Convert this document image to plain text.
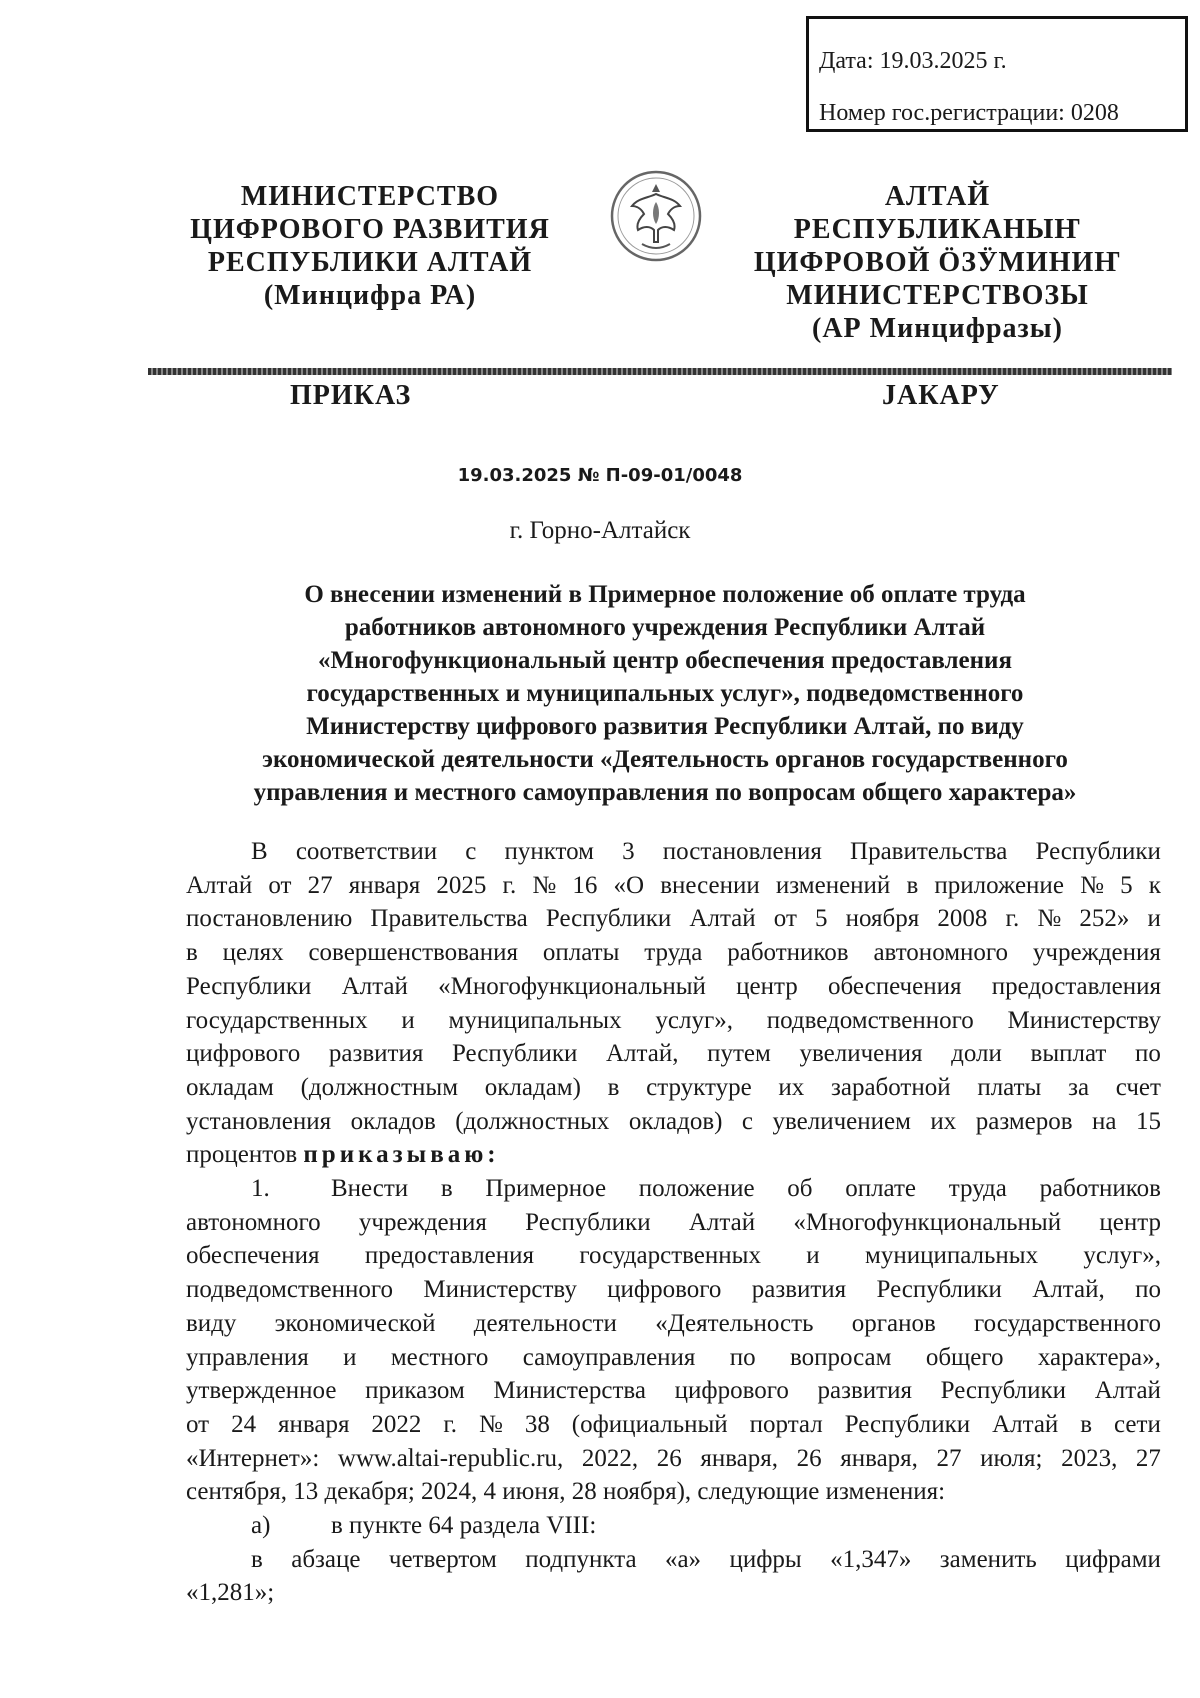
Дата: 19.03.2025 г.
Номер гос.регистрации: 0208
МИНИСТЕРСТВО
ЦИФРОВОГО РАЗВИТИЯ
РЕСПУБЛИКИ АЛТАЙ
(Минцифра РА)
АЛТАЙ
РЕСПУБЛИКАНЫҤ
ЦИФРОВОЙ ӦЗӰМИНИҤ
МИНИСТЕРСТВОЗЫ
(АР Минцифразы)
ПРИКАЗ	ЈАКАРУ
19.03.2025 № П-09-01/0048
г. Горно-Алтайск
О внесении изменений в Примерное положение об оплате труда
работников автономного учреждения Республики Алтай
«Многофункциональный центр обеспечения предоставления
государственных и муниципальных услуг», подведомственного
Министерству цифрового развития Республики Алтай, по виду
экономической деятельности «Деятельность органов государственного
управления и местного самоуправления по вопросам общего характера»
В соответствии с пунктом 3 постановления Правительства Республики
Алтай от 27 января 2025 г. № 16 «О внесении изменений в приложение № 5 к
постановлению Правительства Республики Алтай от 5 ноября 2008 г. № 252» и
в целях совершенствования оплаты труда работников автономного учреждения
Республики Алтай «Многофункциональный центр обеспечения предоставления
государственных и муниципальных услуг», подведомственного Министерству
цифрового развития Республики Алтай, путем увеличения доли выплат по
окладам (должностным окладам) в структуре их заработной платы за счет
установления окладов (должностных окладов) с увеличением их размеров на 15
процентов
приказываю:
1.	Внести в Примерное положение об оплате труда работников
автономного учреждения Республики Алтай «Многофункциональный центр
обеспечения предоставления государственных и муниципальных услуг»,
подведомственного Министерству цифрового развития Республики Алтай, по
виду экономической деятельности «Деятельность органов государственного
управления и местного самоуправления по вопросам общего характера»,
утвержденное приказом Министерства цифрового развития Республики Алтай
от 24 января 2022 г. № 38 (официальный портал Республики Алтай в сети
«Интернет»: www.altai-republic.ru, 2022, 26 января, 26 января, 27 июля; 2023, 27
сентября, 13 декабря; 2024, 4 июня, 28 ноября), следующие изменения:
а)	в пункте 64 раздела VIII:
в абзаце четвертом подпункта «а» цифры «1,347» заменить цифрами
«1,281»;
